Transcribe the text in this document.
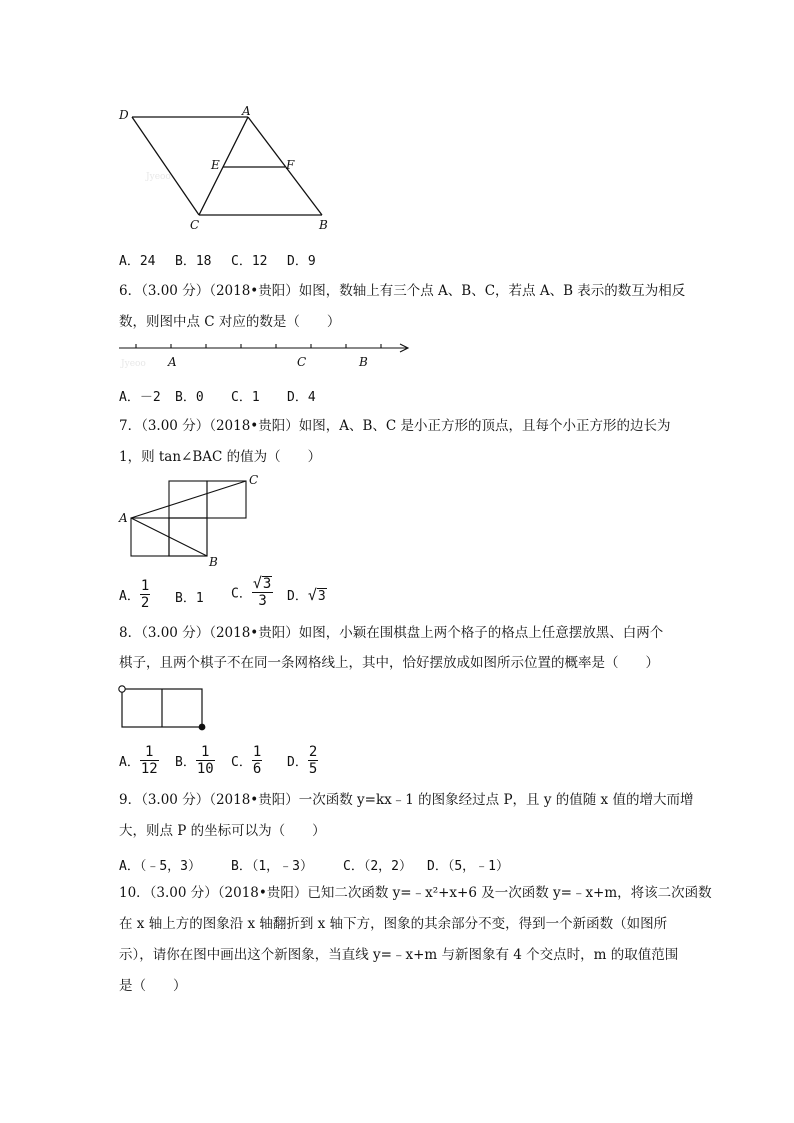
Jyeoo
D	A
E	F
C	B
A．24 B．18 C．12 D．9
6．（3.00 分）（2018•贵阳）如图，数轴上有三个点 A、B、C，若点 A、B 表示的数互为相反
数，则图中点 C 对应的数是（　　）
Jyeoo A	C	B
A．－2 B．0 C．1 D．4
7．（3.00 分）（2018•贵阳）如图，A、B、C 是小正方形的顶点，且每个小正方形的边长为
1，则 tan∠BAC 的值为（　　）
A
C
B
A． $\frac{1}{2}$ B．1 C． $\frac{√3}{3}$ D．√3
8．（3.00 分）（2018•贵阳）如图，小颖在围棋盘上两个格子的格点上任意摆放黑、白两个
棋子，且两个棋子不在同一条网格线上，其中，恰好摆放成如图所示位置的概率是（　　）
A． $\frac{1}{12}$ B． $\frac{1}{10}$ C． $\frac{1}{6}$ D． $\frac{2}{5}$
9．（3.00 分）（2018•贵阳）一次函数 y=kx﹣1 的图象经过点 P，且 y 的值随 x 值的增大而增
大，则点 P 的坐标可以为（　　）
A．（﹣5，3） B．（1，﹣3） C．（2，2） D．（5，﹣1）
10．（3.00 分）（2018•贵阳）已知二次函数 y=﹣x²+x+6 及一次函数 y=﹣x+m，将该二次函数
在 x 轴上方的图象沿 x 轴翻折到 x 轴下方，图象的其余部分不变，得到一个新函数（如图所
示），请你在图中画出这个新图象，当直线 y=﹣x+m 与新图象有 4 个交点时，m 的取值范围
是（　　）
